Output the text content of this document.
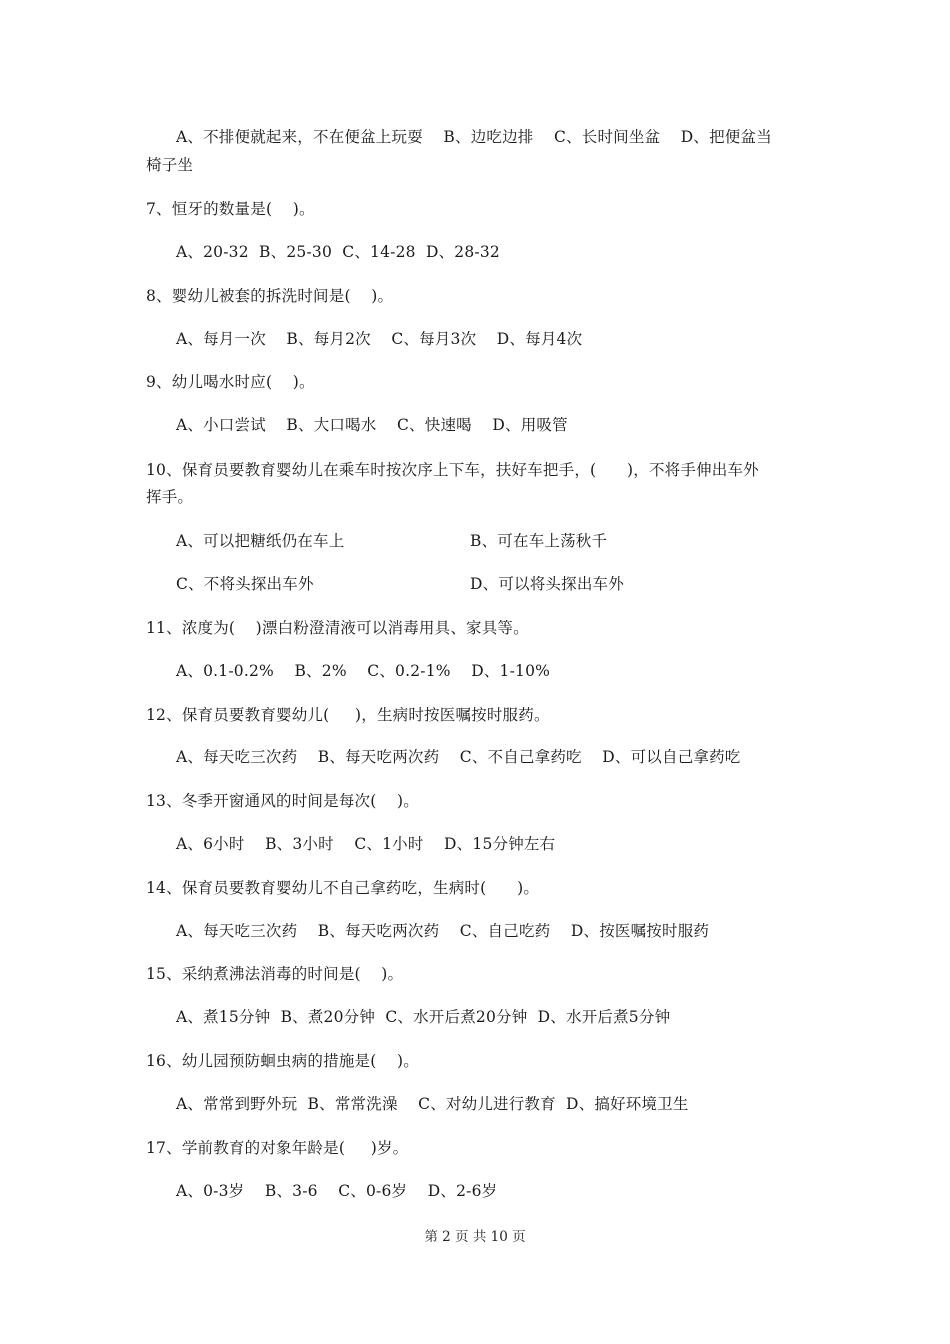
A、不排便就起来，不在便盆上玩耍    B、边吃边排    C、长时间坐盆    D、把便盆当
椅子坐
7、恒牙的数量是(    )。
A、20-32  B、25-30  C、14-28  D、28-32
8、婴幼儿被套的拆洗时间是(    )。
A、每月一次    B、每月2次    C、每月3次    D、每月4次
9、幼儿喝水时应(    )。
A、小口尝试    B、大口喝水    C、快速喝    D、用吸管
10、保育员要教育婴幼儿在乘车时按次序上下车，扶好车把手，(      )，不将手伸出车外
挥手。
A、可以把糖纸仍在车上	B、可在车上荡秋千
C、不将头探出车外	D、可以将头探出车外
11、浓度为(    )漂白粉澄清液可以消毒用具、家具等。
A、0.1-0.2%    B、2%    C、0.2-1%    D、1-10%
12、保育员要教育婴幼儿(     )，生病时按医嘱按时服药。
A、每天吃三次药    B、每天吃两次药    C、不自己拿药吃    D、可以自己拿药吃
13、冬季开窗通风的时间是每次(    )。
A、6小时    B、3小时    C、1小时    D、15分钟左右
14、保育员要教育婴幼儿不自己拿药吃，生病时(      )。
A、每天吃三次药    B、每天吃两次药    C、自己吃药    D、按医嘱按时服药
15、采纳煮沸法消毒的时间是(    )。
A、煮15分钟  B、煮20分钟  C、水开后煮20分钟  D、水开后煮5分钟
16、幼儿园预防蛔虫病的措施是(    )。
A、常常到野外玩  B、常常洗澡    C、对幼儿进行教育  D、搞好环境卫生
17、学前教育的对象年龄是(     )岁。
A、0-3岁    B、3-6    C、0-6岁    D、2-6岁
第 2 页 共 10 页
